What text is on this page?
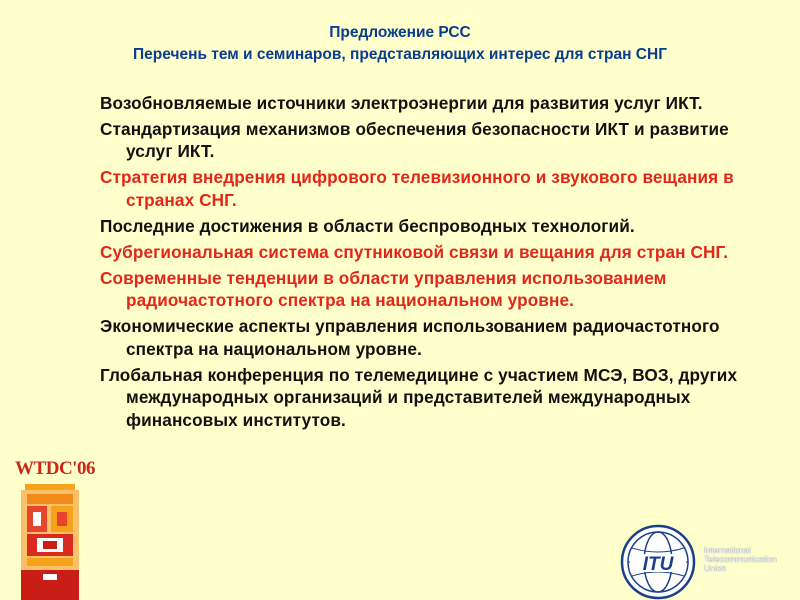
Предложение РСС
Перечень тем и семинаров, представляющих интерес для стран СНГ
Возобновляемые источники электроэнергии для развития услуг ИКТ.
Стандартизация механизмов обеспечения безопасности ИКТ и развитие услуг ИКТ.
Стратегия внедрения цифрового телевизионного и звукового вещания в странах СНГ.
Последние достижения в области беспроводных технологий.
Субрегиональная система спутниковой связи и вещания для стран СНГ.
Современные тенденции в области управления использованием радиочастотного спектра на национальном уровне.
Экономические аспекты управления использованием радиочастотного спектра на национальном уровне.
Глобальная конференция по телемедицине с участием МСЭ, ВОЗ, других международных организаций и представителей международных финансовых институтов.
WTDC'06
ITU
International
Telecommunication
Union
